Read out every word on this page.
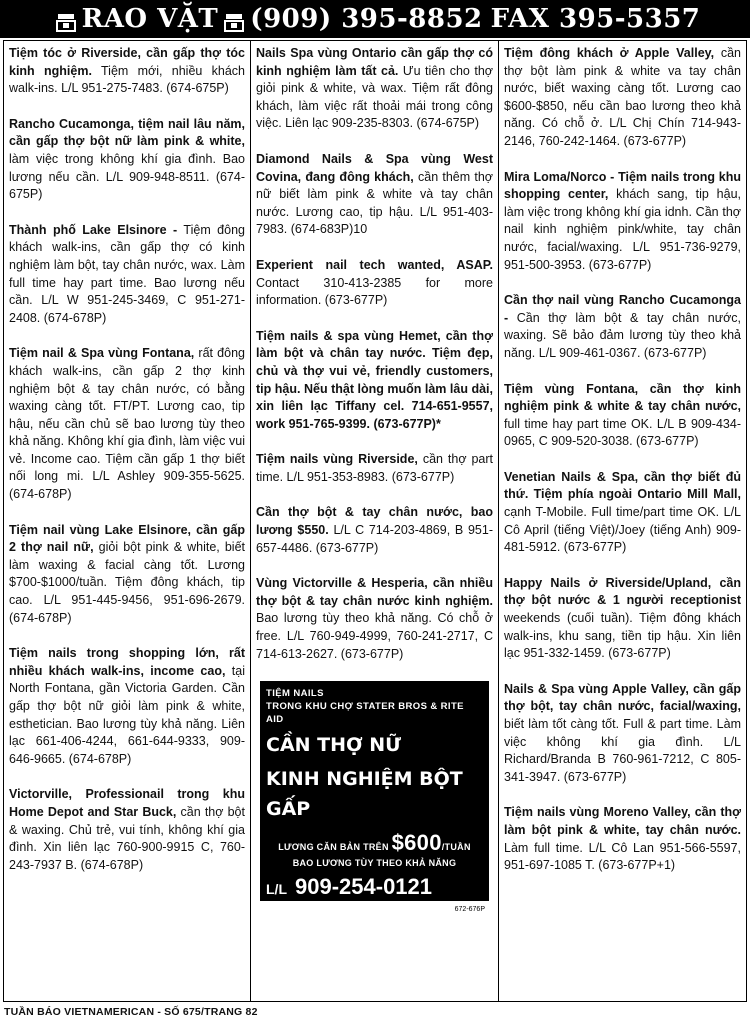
RAO VẶT (909) 395-8852 FAX 395-5357

Tiệm tóc ở Riverside, cần gấp thợ tóc kinh nghiệm. Tiệm mới, nhiều khách walk-ins. L/L 951-275-7483. (674-675P)

Rancho Cucamonga, tiệm nail lâu năm, cần gấp thợ bột nữ làm pink & white, làm việc trong không khí gia đình. Bao lương nếu cần. L/L 909-948-8511. (674-675P)

Thành phố Lake Elsinore - Tiệm đông khách walk-ins, cần gấp thợ có kinh nghiệm làm bột, tay chân nước, wax. Làm full time hay part time. Bao lương nếu cần. L/L W 951-245-3469, C 951-271-2408. (674-678P)

Tiệm nail & Spa vùng Fontana, rất đông khách walk-ins, cần gấp 2 thợ kinh nghiệm bột & tay chân nước, có bằng waxing càng tốt. FT/PT. Lương cao, tip hậu, nếu cần chủ sẽ bao lương tùy theo khả năng. Không khí gia đình, làm việc vui vẻ. Income cao. Tiệm cần gấp 1 thợ biết nối long mi. L/L Ashley 909-355-5625. (674-678P)

Tiệm nail vùng Lake Elsinore, cần gấp 2 thợ nail nữ, giỏi bột pink & white, biết làm waxing & facial càng tốt. Lương $700-$1000/tuần. Tiệm đông khách, tip cao. L/L 951-445-9456, 951-696-2679. (674-678P)

Tiệm nails trong shopping lớn, rất nhiều khách walk-ins, income cao, tại North Fontana, gần Victoria Garden. Cần gấp thợ bột nữ giỏi làm pink & white, esthetician. Bao lương tùy khả năng. Liên lạc 661-406-4244, 661-644-9333, 909-646-9665. (674-678P)

Victorville, Professionail trong khu Home Depot and Star Buck, cần thợ bột & waxing. Chủ trẻ, vui tính, không khí gia đình. Xin liên lạc 760-900-9915 C, 760-243-7937 B. (674-678P)

Nails Spa vùng Ontario cần gấp thợ có kinh nghiệm làm tất cả. Ưu tiên cho thợ giỏi pink & white, và wax. Tiệm rất đông khách, làm việc rất thoải mái trong công việc. Liên lạc 909-235-8303. (674-675P)

Diamond Nails & Spa vùng West Covina, đang đông khách, cần thêm thợ nữ biết làm pink & white và tay chân nước. Lương cao, tip hậu. L/L 951-403-7983. (674-683P)10

Experient nail tech wanted, ASAP. Contact 310-413-2385 for more information. (673-677P)

Tiệm nails & spa vùng Hemet, cần thợ làm bột và chân tay nước. Tiệm đẹp, chủ và thợ vui vẻ, friendly customers, tip hậu. Nếu thật lòng muốn làm lâu dài, xin liên lạc Tiffany cel. 714-651-9557, work 951-765-9399. (673-677P)*

Tiệm nails vùng Riverside, cần thợ part time. L/L 951-353-8983. (673-677P)

Cần thợ bột & tay chân nước, bao lương $550. L/L C 714-203-4869, B 951-657-4486. (673-677P)

Vùng Victorville & Hesperia, cần nhiều thợ bột & tay chân nước kinh nghiệm. Bao lương tùy theo khả năng. Có chỗ ở free. L/L 760-949-4999, 760-241-2717, C 714-613-2627. (673-677P)

TIỆM NAILS
TRONG KHU CHỢ STATER BROS & RITE AID
CẦN THỢ NỮ
KINH NGHIỆM BỘT GẤP
LƯƠNG CĂN BẢN TRÊN $600/TUẦN
BAO LƯƠNG TÙY THEO KHẢ NĂNG
L/L 909-254-0121
909-362-0838
672-676P

Tiệm đông khách ở Apple Valley, cần thợ bột làm pink & white va tay chân nước, biết waxing càng tốt. Lương cao $600-$850, nếu cần bao lương theo khả năng. Có chỗ ở. L/L Chị Chín 714-943-2146, 760-242-1464. (673-677P)

Mira Loma/Norco - Tiệm nails trong khu shopping center, khách sang, tip hậu, làm việc trong không khí gia idnh. Cần thợ nail kinh nghiệm pink/white, tay chân nước, facial/waxing. L/L 951-736-9279, 951-500-3953. (673-677P)

Cần thợ nail vùng Rancho Cucamonga - Cần thợ làm bột & tay chân nước, waxing. Sẽ bảo đảm lương tùy theo khả năng. L/L 909-461-0367. (673-677P)

Tiệm vùng Fontana, cần thợ kinh nghiệm pink & white & tay chân nước, full time hay part time OK. L/L B 909-434-0965, C 909-520-3038. (673-677P)

Venetian Nails & Spa, cần thợ biết đủ thứ. Tiệm phía ngoài Ontario Mill Mall, cạnh T-Mobile. Full time/part time OK. L/L Cô April (tiếng Việt)/Joey (tiếng Anh) 909-481-5912. (673-677P)

Happy Nails ở Riverside/Upland, cần thợ bột nước & 1 người receptionist weekends (cuối tuần). Tiệm đông khách walk-ins, khu sang, tiền tip hậu. Xin liên lạc 951-332-1459. (673-677P)

Nails & Spa vùng Apple Valley, cần gấp thợ bột, tay chân nước, facial/waxing, biết làm tốt càng tốt. Full & part time. Làm việc không khí gia đình. L/L Richard/Branda B 760-961-7212, C 805-341-3947. (673-677P)

Tiệm nails vùng Moreno Valley, cần thợ làm bột pink & white, tay chân nước. Làm full time. L/L Cô Lan 951-566-5597, 951-697-1085 T. (673-677P+1)

TUẦN BÁO VIETNAMERICAN - SỐ 675/TRANG 82
